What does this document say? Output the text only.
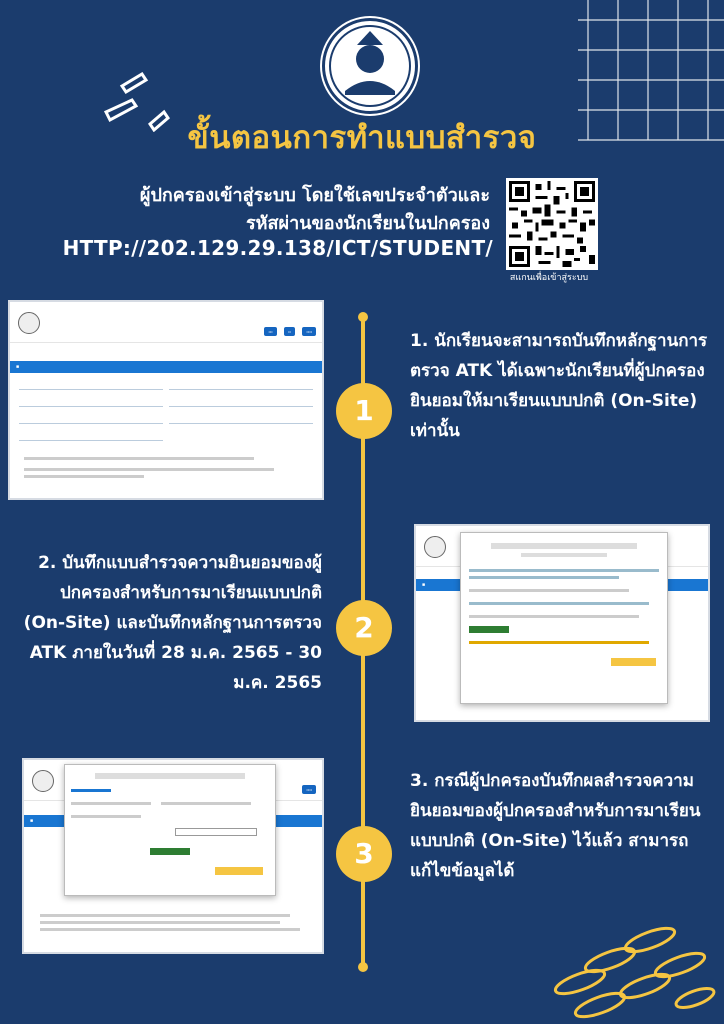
ขั้นตอนการทำแบบสำรวจ
ผู้ปกครองเข้าสู่ระบบ โดยใช้เลขประจำตัวและ
รหัสผ่านของนักเรียนในปกครอง
HTTP://202.129.29.138/ICT/STUDENT/
สแกนเพื่อเข้าสู่ระบบ
1
2
3
1. นักเรียนจะสามารถบันทึกหลักฐานการตรวจ ATK ได้เฉพาะนักเรียนที่ผู้ปกครองยินยอมให้มาเรียนแบบปกติ (On-Site) เท่านั้น
2. บันทึกแบบสำรวจความยินยอมของผู้ปกครองสำหรับการมาเรียนแบบปกติ (On-Site) และบันทึกหลักฐานการตรวจ ATK ภายในวันที่ 28 ม.ค. 2565 - 30 ม.ค. 2565
3. กรณีผู้ปกครองบันทึกผลสำรวจความยินยอมของผู้ปกครองสำหรับการมาเรียนแบบปกติ (On-Site) ไว้แล้ว สามารถแก้ไขข้อมูลได้
•••	••	••••
■
■
••••
■
